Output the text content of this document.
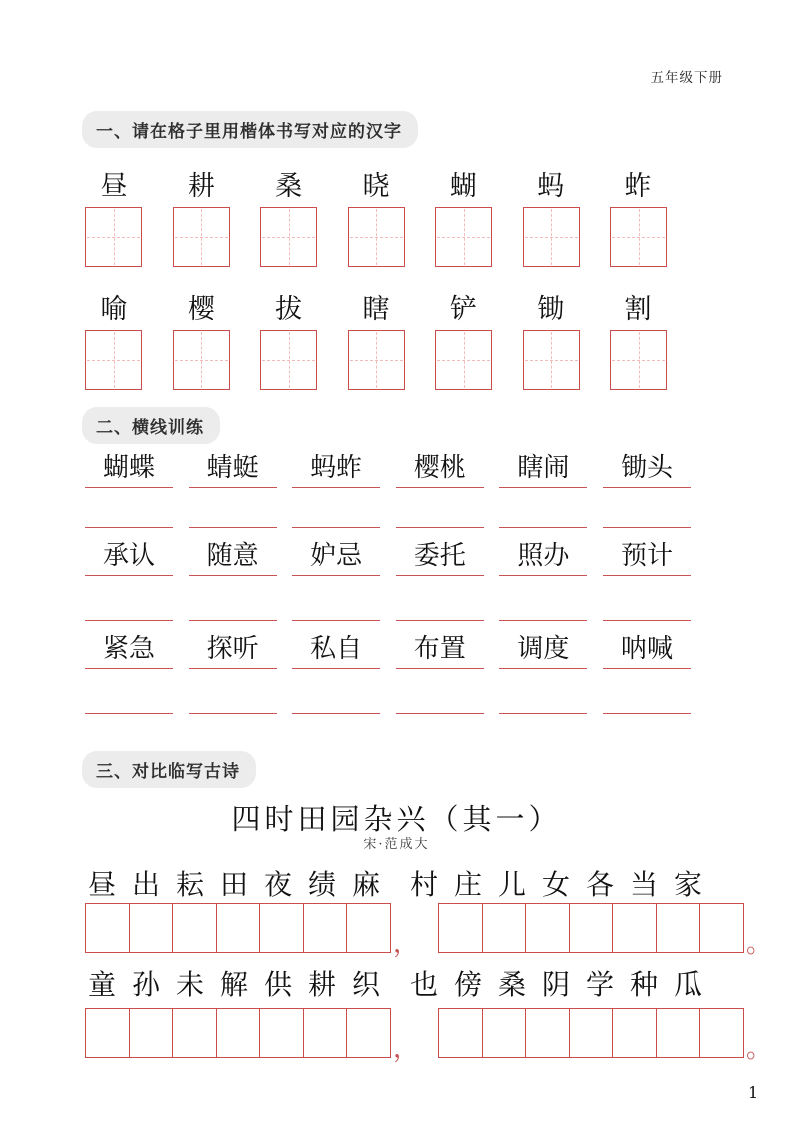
五年级下册
一、请在格子里用楷体书写对应的汉字
昼	耕	桑	晓	蝴	蚂	蚱
喻	樱	拔	瞎	铲	锄	割
二、横线训练
蝴蝶	蜻蜓	蚂蚱	樱桃	瞎闹	锄头
承认	随意	妒忌	委托	照办	预计
紧急	探听	私自	布置	调度	呐喊
三、对比临写古诗
四时田园杂兴（其一）
宋·范成大
昼出耘田夜绩麻 村庄儿女各当家
，	。
童孙未解供耕织 也傍桑阴学种瓜
，	。
1
